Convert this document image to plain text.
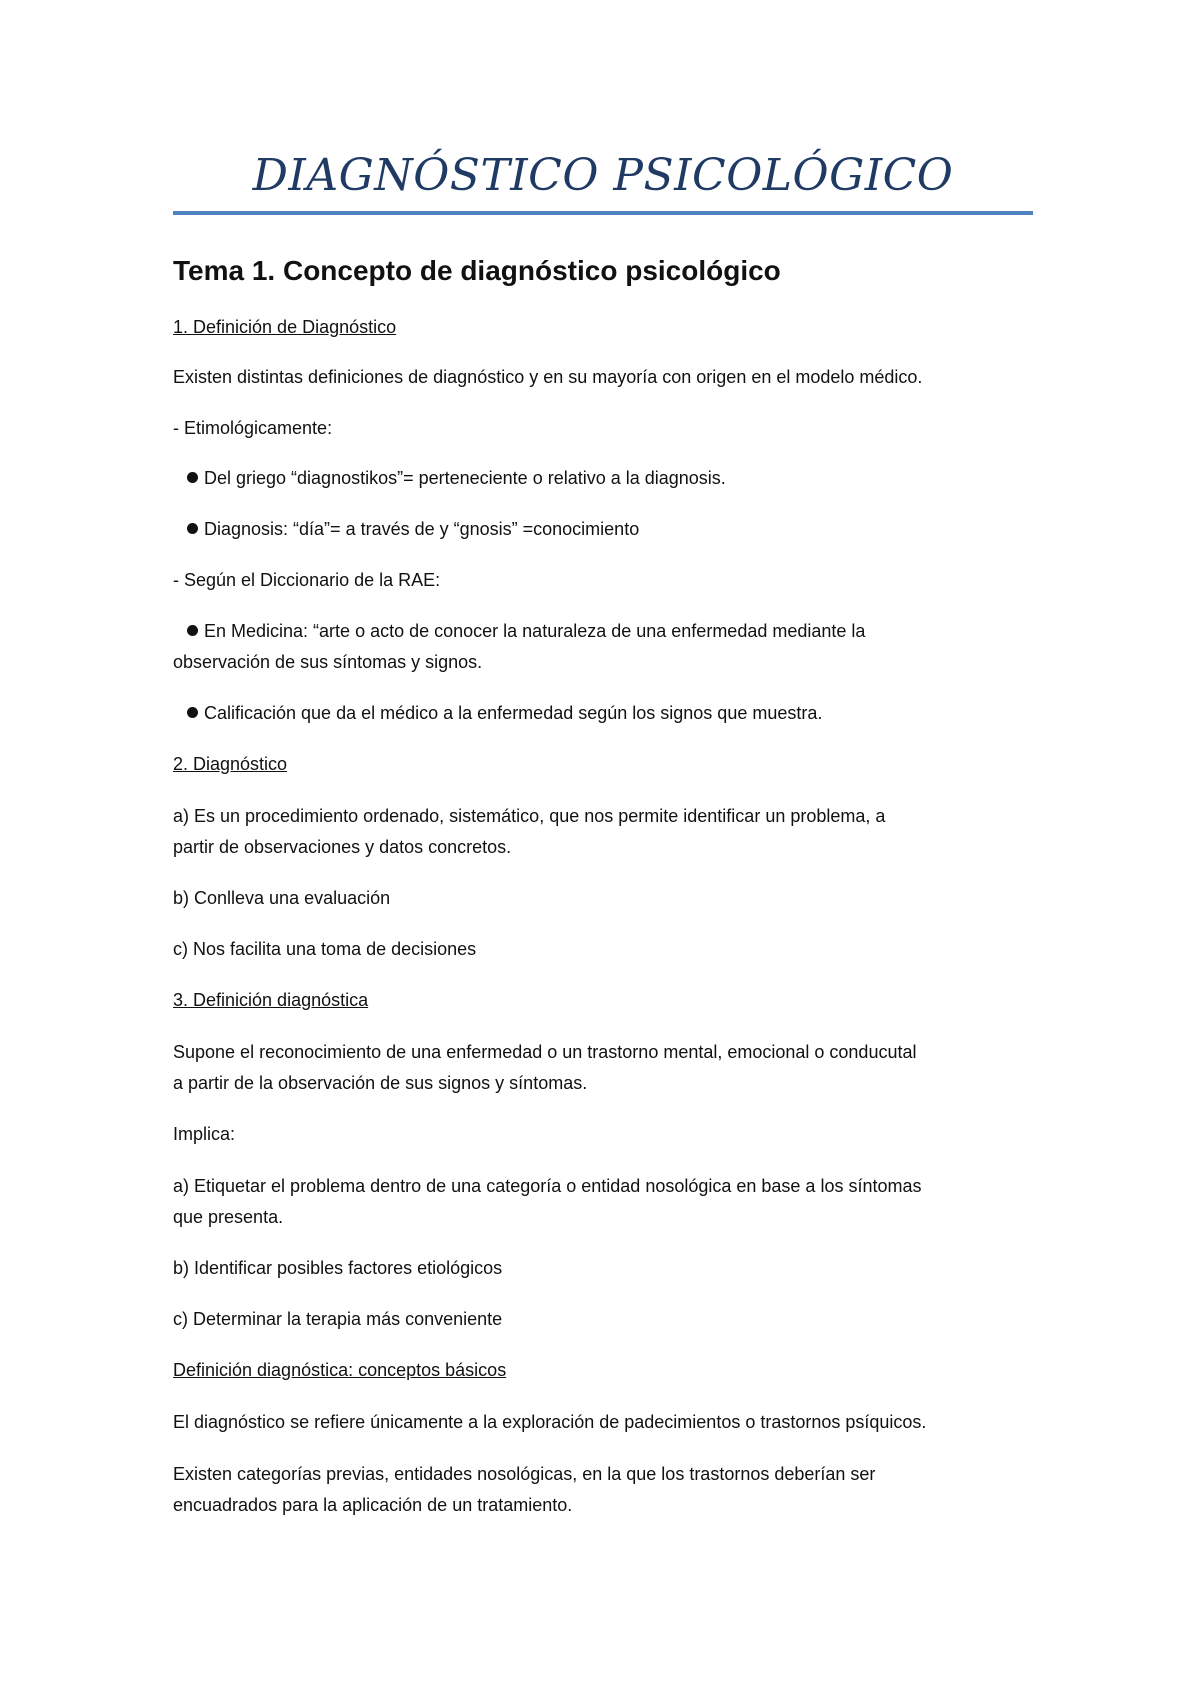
DIAGNÓSTICO PSICOLÓGICO
Tema 1. Concepto de diagnóstico psicológico
1. Definición de Diagnóstico
Existen distintas definiciones de diagnóstico y en su mayoría con origen en el modelo médico.
- Etimológicamente:
Del griego “diagnostikos”= perteneciente o relativo a la diagnosis.
Diagnosis: “día”= a través de y “gnosis” =conocimiento
- Según el Diccionario de la RAE:
En Medicina: “arte o acto de conocer la naturaleza de una enfermedad mediante la
observación de sus síntomas y signos.
Calificación que da el médico a la enfermedad según los signos que muestra.
2. Diagnóstico
a) Es un procedimiento ordenado, sistemático, que nos permite identificar un problema, a
partir de observaciones y datos concretos.
b) Conlleva una evaluación
c) Nos facilita una toma de decisiones
3. Definición diagnóstica
Supone el reconocimiento de una enfermedad o un trastorno mental, emocional o conducutal
a partir de la observación de sus signos y síntomas.
Implica:
a) Etiquetar el problema dentro de una categoría o entidad nosológica en base a los síntomas
que presenta.
b) Identificar posibles factores etiológicos
c) Determinar la terapia más conveniente
Definición diagnóstica: conceptos básicos
El diagnóstico se refiere únicamente a la exploración de padecimientos o trastornos psíquicos.
Existen categorías previas, entidades nosológicas, en la que los trastornos deberían ser
encuadrados para la aplicación de un tratamiento.
